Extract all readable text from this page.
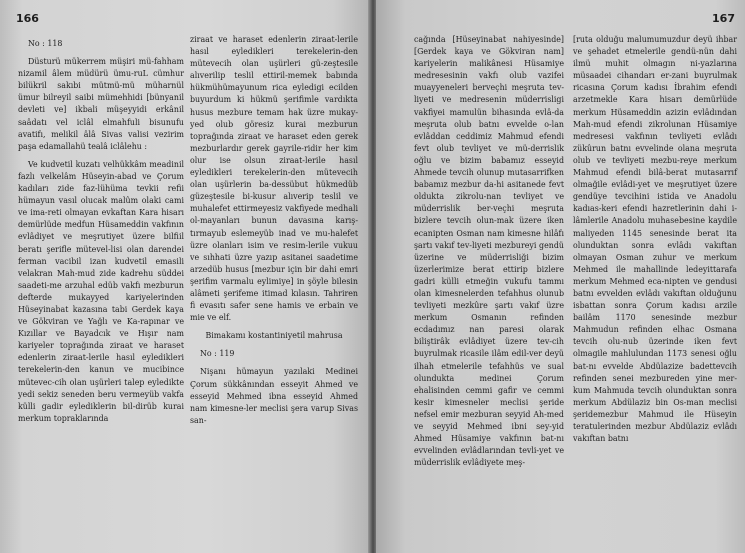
166

No : 118

Düsturü mükerrem müşiri mü-fahham nizamil âlem müdürü ümu-ruL cümhur bilükril sakıbi mütmü-mü müharnül ümur bilreyil saibi mümehhidi [bünyanil devleti ve] ikbali müşeyyidi erkânil saâdatı vel iclâl elmahfuli bisunufu avatifı, melikil âlâ Sivas valisi vezirim paşa edamallahü tealâ iclâlehu :

Ve kudvetil kuzatı velhükkâm meadinil fazlı velkelâm Hüseyin-abad ve Çorum kadıları zide faz-lühüma tevkii refii hümayun vasıl olucak malûm olaki cami ve ima-reti olmayan evkaftan Kara hisarı demürlüde medfun Hüsameddin vakfının evlâdiyet ve meşrutiyet üzere bilfiil beratı şerifle mütevel-lisi olan darendei ferman vacibil izan kudvetil emasili velakran Mah-mud zide kadrehu süddei saadeti-me arzuhal edüb vakfı mezburun defterde mukayyed kariyelerinden Hüseyinabat kazasına tabi Gerdek kaya ve Gökviran ve Yağlı ve Ka-rapınar ve Kızıllar ve Bayadcık ve Hışır nam kariyeler toprağında ziraat ve haraset edenlerin ziraat-lerile hasıl eyledikleri terekelerin-den kanun ve mucibince mütevec-cih olan uşürleri talep eyledikte yedi sekiz seneden beru vermeyüb vakfa külli gadir eylediklerin bil-dirüb kurai merkum topraklarında

ziraat ve haraset edenlerin ziraat-lerile hasıl eyledikleri terekelerin-den mütevecih olan uşürleri gü-zeştesile alıverilip teslil ettiril-memek babında hükmühümayunum rica eyledigi ecilden buyurdum ki hükmü şerifimle vardıkta husus mezbure temam hak üzre mukay-yed olub göresiz kurai mezburun toprağında ziraat ve haraset eden gerek mezburlardır gerek gayrile-ridir her kim olur ise olsun ziraat-lerile hasıl eyledikleri terekelerin-den mütevecih olan uşürlerin ba-dessübut hükmedüb güzeştesile bi-kusur alıverip teslil ve muhalefet ettirmeyesiz vakfiyede medhali ol-mayanları bunun davasına karış-tırmayub eslemeyüb inad ve mu-halefet üzre olanları isim ve resim-lerile vukuu ve sıhhati üzre yazıp asitanei saadetime arzedüb husus [mezbur için bir dahi emri şerifim varmalu eylimiye] in şöyle bilesin alâmeti şerifeme itimad kılasın. Tahriren fi evasıtı safer sene hamis ve erbain ve mie ve elf.

Bimakamı kostantiniyetil mahrusa

No : 119

Nişanı hümayun yazılaki Medinei Çorum sükkânından esseyit Ahmed ve esseyid Mehmed ibna esseyid Ahmed nam kimesne-ler meclisi şera varup Sivas san-

167

cağında [Hüseyinabat nahiyesinde] [Gerdek kaya ve Gökviran nam] kariyelerin malikânesi Hüsamiye medresesinin vakfı olub vazifei muayyeneleri berveçhi meşruta tev-liyeti ve medresenin müderrisligi vakfiyei mamulün bihasında evlâ-da meşruta olub batnı evvelde o-lan evlâddan ceddimiz Mahmud efendi fevt olub tevliyet ve mü-derrislik oğlu ve bizim babamız esseyid Ahmede tevcih olunup mutasarrifken babamız mezbur da-hi asitanede fevt oldukta zikrolu-nan tevliyet ve müderrislik ber-veçhi meşruta bizlere tevcih olun-mak üzere iken ecanipten Osman nam kimesne hilâfı şartı vakıf tev-liyeti mezbureyi gendü üzerine ve müderrisliği bizim üzerlerimize berat ettirip bizlere gadri külli etmeğin vukufu tammı olan kimesnelerden tefahhus olunub tevliyeti mezkûre şartı vakıf üzre merkum Osmanın refinden ecdadımız nan paresi olarak biliştirâk evlâdiyet üzere tev-cih buyrulmak ricasile ilâm edil-ver deyü ilhah etmelerile tefahhüs ve sual olundukta medinei Çorum ehalisinden cemmi gafir ve cemmi kesir kimesneler meclisi şeride nefsel emir mezburan seyyid Ah-med ve seyyid Mehmed ibni sey-yid Ahmed Hüsamiye vakfının bat-nı evvelinden evlâdlarından tevli-yet ve müderrislik evlâdiyete meş-

[ruta olduğu malumumuzdur deyü ihbar ve şehadet etmelerile gendü-nün dahi ilmü muhit olmagın ni-yazlarına müsaadei cihandarı er-zani buyrulmak ricasına Çorum kadısı İbrahim efendi arzetmekle Kara hisarı demürlüde merkum Hüsameddin azizin evlâdından Mah-mud efendi zikrolunan Hüsamiye medresesi vakfının tevliyeti evlâdı zükûrun batnı evvelinde olana meşruta olub ve tevliyeti mezbu-reye merkum Mahmud efendi bilâ-berat mutasarrıf olmağile evlâdi-yet ve meşrutiyet üzere gendüye tevcihini istida ve Anadolu kadıas-keri efendi hazretlerinin dahi i-lâmlerile Anadolu muhasebesine kaydile maliyeden 1145 senesinde berat ita olunduktan sonra evlâdı vakıftan olmayan Osman zuhur ve merkum Mehmed ile mahallinde ledeyittarafa merkum Mehmed eca-nipten ve gendusi batnı evvelden evlâdı vakıftan olduğunu isbattan sonra Çorum kadısı arzile bailâm 1170 senesinde mezbur Mahmudun refinden elhac Osmana tevcih olu-nub üzerinde iken fevt olmagile mahlulundan 1173 senesi oğlu bat-nı evvelde Abdülazize badettevcih refinden senei mezbureden yine mer-kum Mahmuda tevcih olunduktan sonra merkum Abdülaziz bin Os-man meclisi şeridemezbur Mahmud ile Hüseyin teratulerinden mezbur Abdülaziz evlâdı vakıftan batnı
